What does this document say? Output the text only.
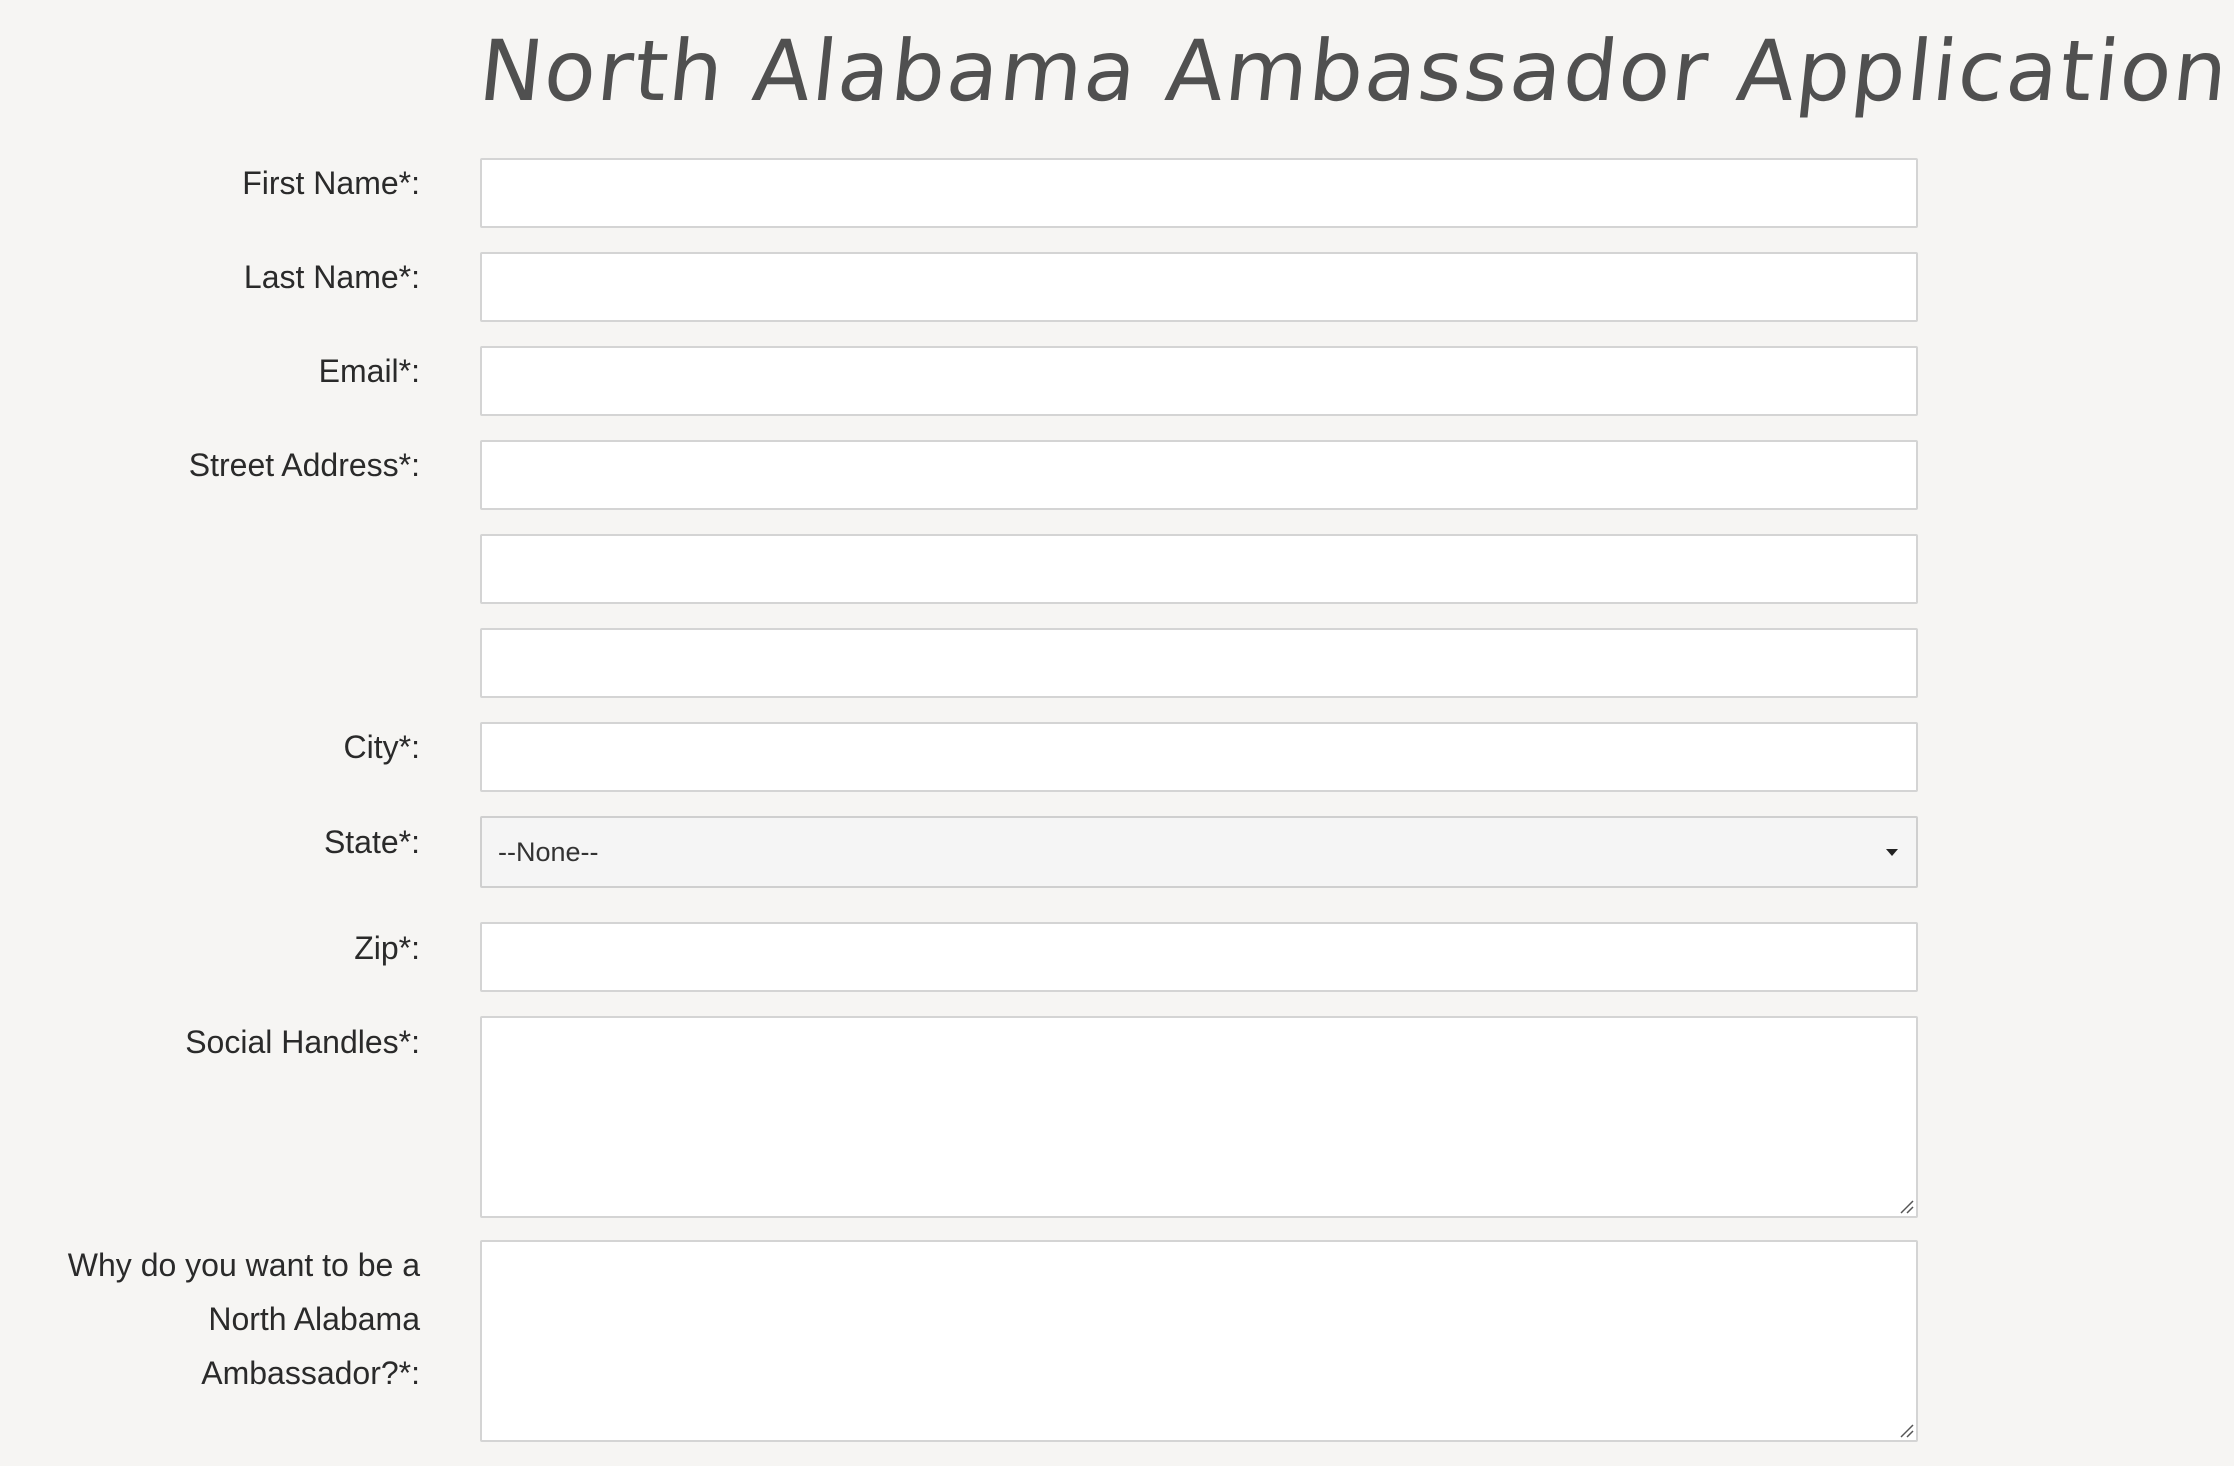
North Alabama Ambassador Application
First Name*:
Last Name*:
Email*:
Street Address*:
City*:
State*:	--None--
Zip*:
Social Handles*:
Why do you want to be a
North Alabama
Ambassador?*:
